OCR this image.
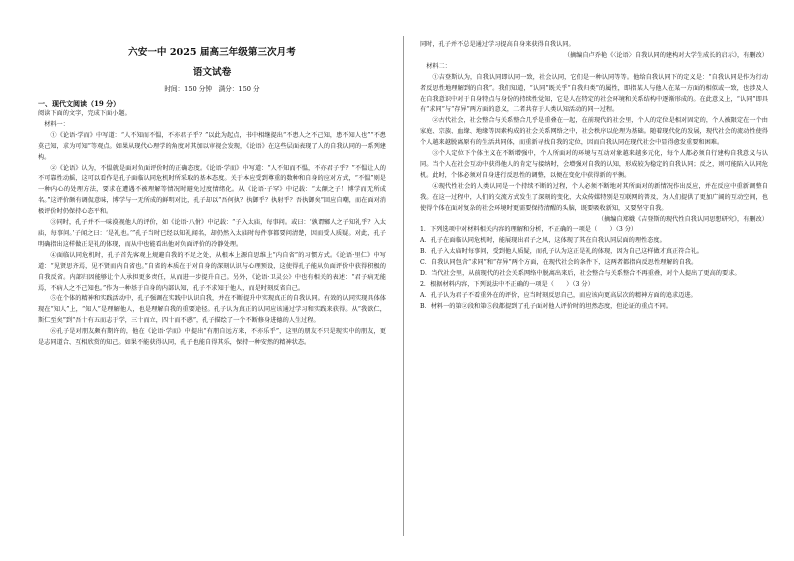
六安一中 2025 届高三年级第三次月考
语文试卷
时间：150 分钟　满分：150 分
一、现代文阅读（19 分）

阅读下面的文字，完成下面小题。

材料一：

①《论语·学而》中写道：“人不知而不愠，不亦君子乎？”以此为起点，书中相继提出“不患人之不己知，患不知人也”“不患莫己知，求为可知”等观点。如果从现代心理学的角度对其加以审视会发现，《论语》在这些层面表现了人的自我认同的一系列建构。

②《论语》认为，不愠就是面对负面评价时的正确态度。《论语·学而》中写道：“人不知而不愠，不亦君子乎？”不愠让人的不可靠性动摇，这可以看作是孔子面临认同危机时所采取的基本态度。关于本应受到尊重的数种和自身的应对方式，“不愠”则是一种内心的处理方法，要求在遭遇不被理解等情况时避免过度情绪化。从《论语·子罕》中记载：“太颠之子！博学而无所成名。”这评价颇有调侃意味，博学与一无所成的鲜明对比，孔子却以“吾何执？执御乎？执射乎？吾执御矣”回应自嘲，而在面对消极评价时仍保持心态平和。

③同时，孔子并不一味漠视他人的评价，如《论语·八佾》中记载：“子入太庙，每事问。或曰：‘孰谓鄹人之子知礼乎？入太庙，每事问。’子闻之曰：‘是礼也。’”孔子当时已经以知礼闻名，却仍然入太庙时每件事都要问清楚，因而受人质疑。对此，孔子明确指出这样做正是礼的体现，而从中也能看出他对负面评价的冷静处理。

④面临认同危机时，孔子首先客观上规避自我的不足之处，从根本上源自思维上“内自省”的习惯方式。《论语·里仁》中写道：“见贤思齐焉，见不贤而内自省也。”自省的本质在于对自身的深刻认识与心理预设，这使得孔子能从负面评价中获得积极的自我反省。内部归因能够让个人承担更多责任，从而进一步提升自己。另外，《论语·卫灵公》中也有相关的表述：“君子病无能焉，不病人之不己知也。”作为一种基于自身的内部认知，孔子不求知于他人，而是时刻反省自己。

⑤在个体的精神和实践活动中，孔子强调在实践中认识自我，并在不断提升中实现真正的自我认同。有效的认同实现具体体现在“知人”上，“知人”是理解他人，也是理解自我的重要途径。孔子认为真正的认同应该通过学习和实践来获得。从“我欲仁，斯仁至矣”到“吾十有五而志于学，三十而立，四十而不惑”，孔子描绘了一个不断修身进德的人生过程。

⑥孔子是对朋友颇有期许的，他在《论语·学而》中提出“有朋自远方来，不亦乐乎”，这里的朋友不只是现实中的朋友，更是志同道合、互相欣赏的知己。如果不能获得认同，孔子也能自得其乐，保持一种安然的精神状态。

同时，孔子并不总是通过学习提高自身来获得自我认同。

（摘编自卢乔艳《〈论语〉自我认同的建构对大学生成长的启示》，有删改）

材料二：

①吉登斯认为，自我认同即认同一致，社会认同，它们是一种认同等等。他给自我认同下的定义是：“自我认同是作为行动者反思性地理解到的自我”。我们知道，“认同”既关乎“自我归类”的属性，即指某人与他人在某一方面的相似或一致，也涉及人在自我意识中对于自身特点与身份的持续性觉知，它是人在特定的社会环境和关系结构中逐渐形成的。在此意义上，“认同”即具有“求同”与“存异”两方面的意义，二者共存于人类认知活动的同一过程。

②古代社会，社会整合与关系整合几乎是重叠在一起，在前现代的社会里，个人的定位是相对固定的，个人被限定在一个由家庭、宗族、血缘、地缘等因素构成的社会关系网络之中，社会秩序以伦理为基础。随着现代化的发展，现代社会的流动性使得个人越来越脱离原有的生活共同体，而重新寻找自我的定位，因而自我认同在现代社会中显得愈发重要和困难。

③个人定位下个体主义在不断增强中，个人所面对的环境与互动对象越来越多元化，每个人都必须自行建构自我意义与认同。当个人在社会互动中获得他人的肯定与接纳时，会增强对自我的认知，形成较为稳定的自我认同；反之，则可能陷入认同危机。此时，个体必须对自身进行反思性的调整，以便在变化中获得新的平衡。

④现代性社会的人类认同是一个持续不断的过程，个人必须不断地对其所面对的新情况作出反应，并在反应中重新调整自我。在这一过程中，人们的交流方式发生了深刻的变化，大众传媒特别是互联网的普及，为人们提供了更加广阔的互动空间，也使得个体在面对复杂的社会环境时更需要保持清醒的头脑，既要吸收新知，又要坚守自我。

（摘编自郑娥《吉登斯的现代性自我认同思想研究》，有删改）

1．下列选项中对材料相关内容的理解和分析，不正确的一项是（　　）（3 分）

A．孔子在面临认同危机时，能展现出君子之风，这体现了其在自我认同层面的理性态度。

B．孔子入太庙时每事问，受到他人质疑，而孔子认为这正是礼的体现，因为自己这样做才真正符合礼。

C．自我认同包含“求同”和“存异”两个方面，在现代社会的条件下，这两者都指向反思性理解的自我。

D．当代社会里，从前现代的社会关系网络中脱离出来后，社会整合与关系整合不再重叠，对个人提出了更高的要求。

2．根据材料内容，下列说法中不正确的一项是（　　）（3 分）

A．孔子认为君子不看重外在的评价，应当时刻反思自己，而应该向更高层次的精神方面的追求迈进。

B．材料一的第②段和第⑤段都提到了孔子面对他人评价时的坦然态度，但论证的重点不同。
